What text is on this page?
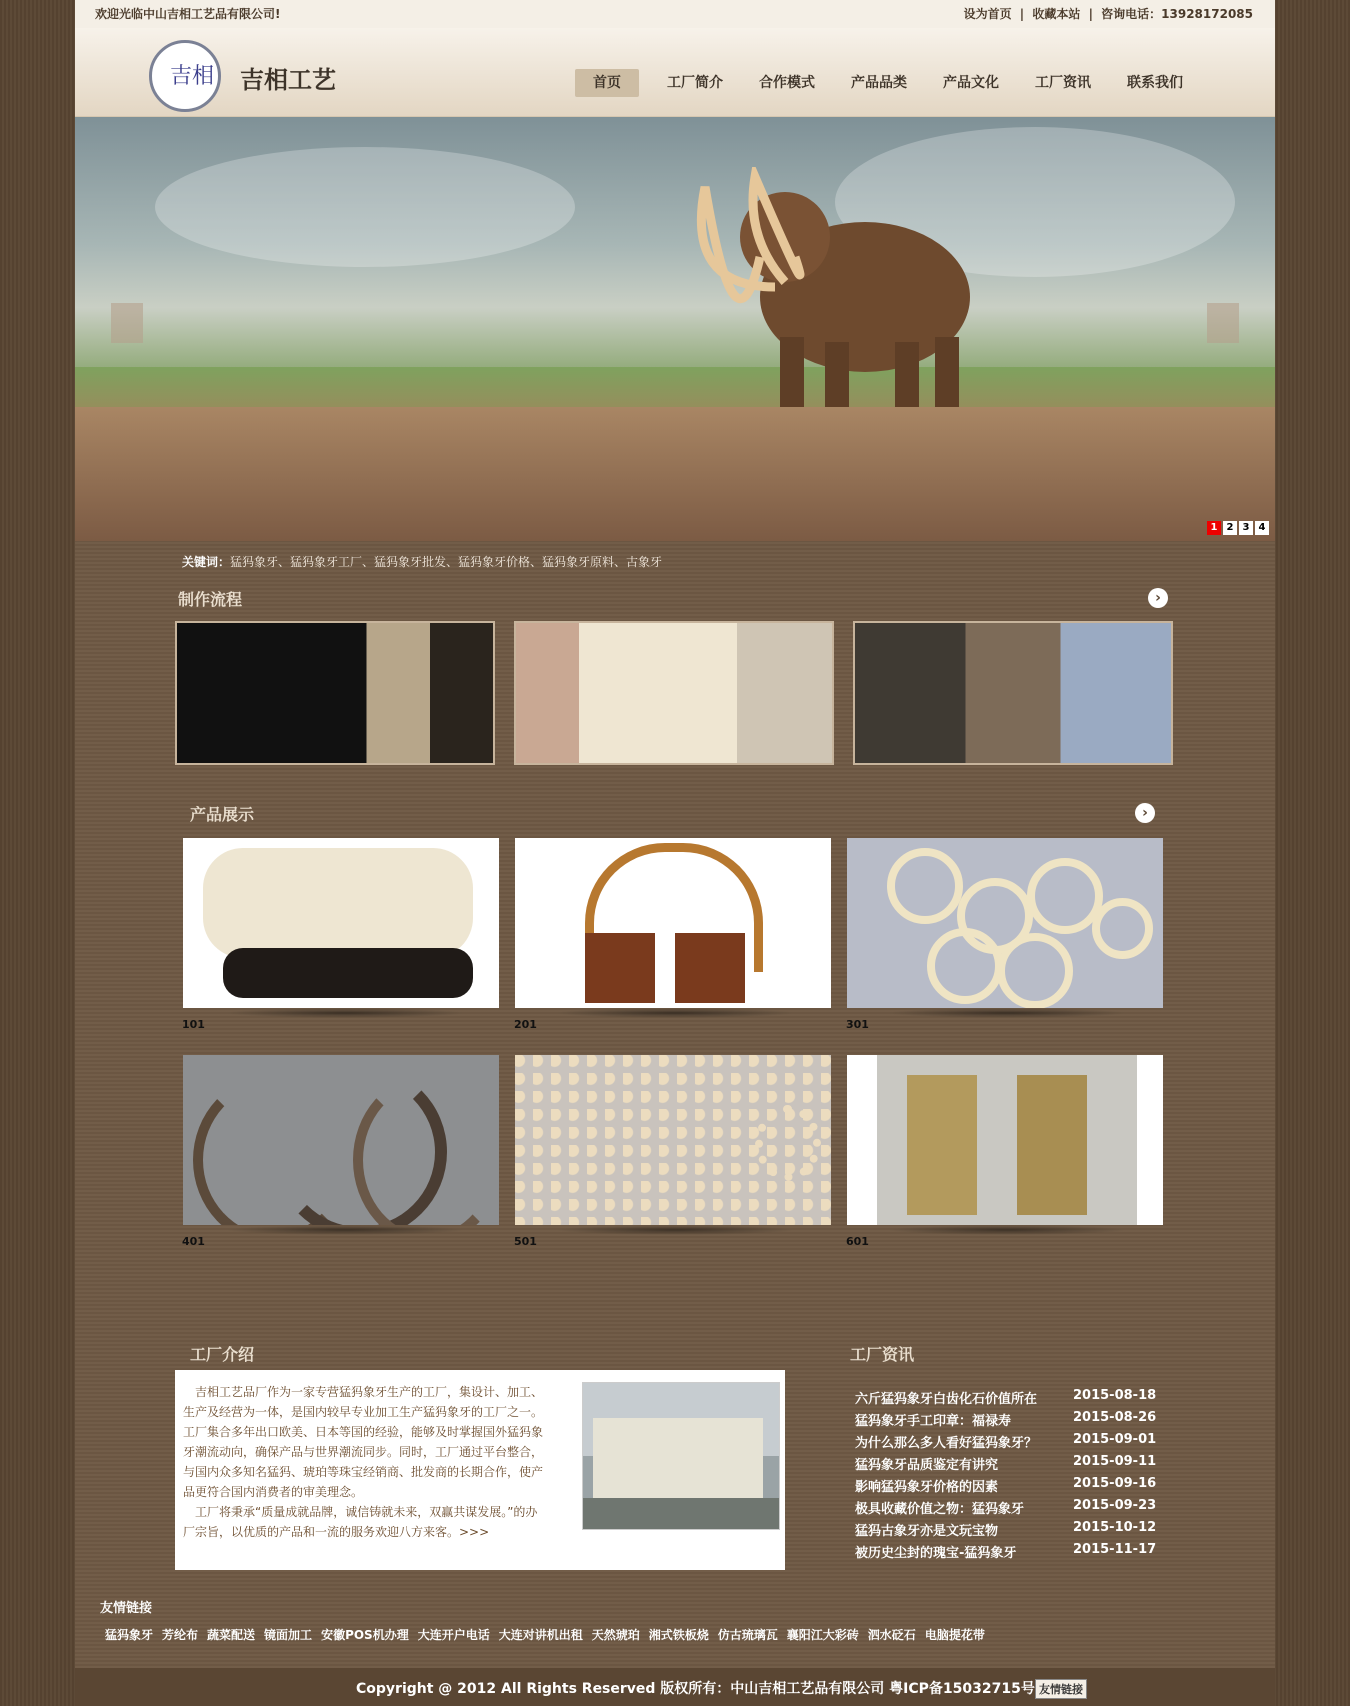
欢迎光临中山吉相工艺品有限公司!	设为首页 | 收藏本站 | 咨询电话：13928172085
吉相 吉相工艺	首页	工厂简介	合作模式	产品品类	产品文化	工厂资讯	联系我们
1 2 3 4
关键词：猛犸象牙、猛犸象牙工厂、猛犸象牙批发、猛犸象牙价格、猛犸象牙原料、古象牙
制作流程	›
产品展示	›
101	201	301
401	501	601
工厂介绍

吉相工艺品厂作为一家专营猛犸象牙生产的工厂，集设计、加工、生产及经营为一体，是国内较早专业加工生产猛犸象牙的工厂之一。工厂集合多年出口欧美、日本等国的经验，能够及时掌握国外猛犸象牙潮流动向，确保产品与世界潮流同步。同时，工厂通过平台整合，与国内众多知名猛犸、琥珀等珠宝经销商、批发商的长期合作，使产品更符合国内消费者的审美理念。

工厂将秉承“质量成就品牌，诚信铸就未来，双赢共谋发展。”的办厂宗旨，以优质的产品和一流的服务欢迎八方来客。>>>

工厂资讯
六斤猛犸象牙白齿化石价值所在	2015-08-18
猛犸象牙手工印章：福禄寿	2015-08-26
为什么那么多人看好猛犸象牙？	2015-09-01
猛犸象牙品质鉴定有讲究	2015-09-11
影响猛犸象牙价格的因素	2015-09-16
极具收藏价值之物：猛犸象牙	2015-09-23
猛犸古象牙亦是文玩宝物	2015-10-12
被历史尘封的瑰宝-猛犸象牙	2015-11-17
友情链接
猛犸象牙 芳纶布 蔬菜配送 镜面加工 安徽POS机办理 大连开户电话 大连对讲机出租 天然琥珀 湘式铁板烧 仿古琉璃瓦 襄阳江大彩砖 泗水砭石 电脑提花带
Copyright @ 2012 All Rights Reserved 版权所有：中山吉相工艺品有限公司 粤ICP备15032715号 友情链接
